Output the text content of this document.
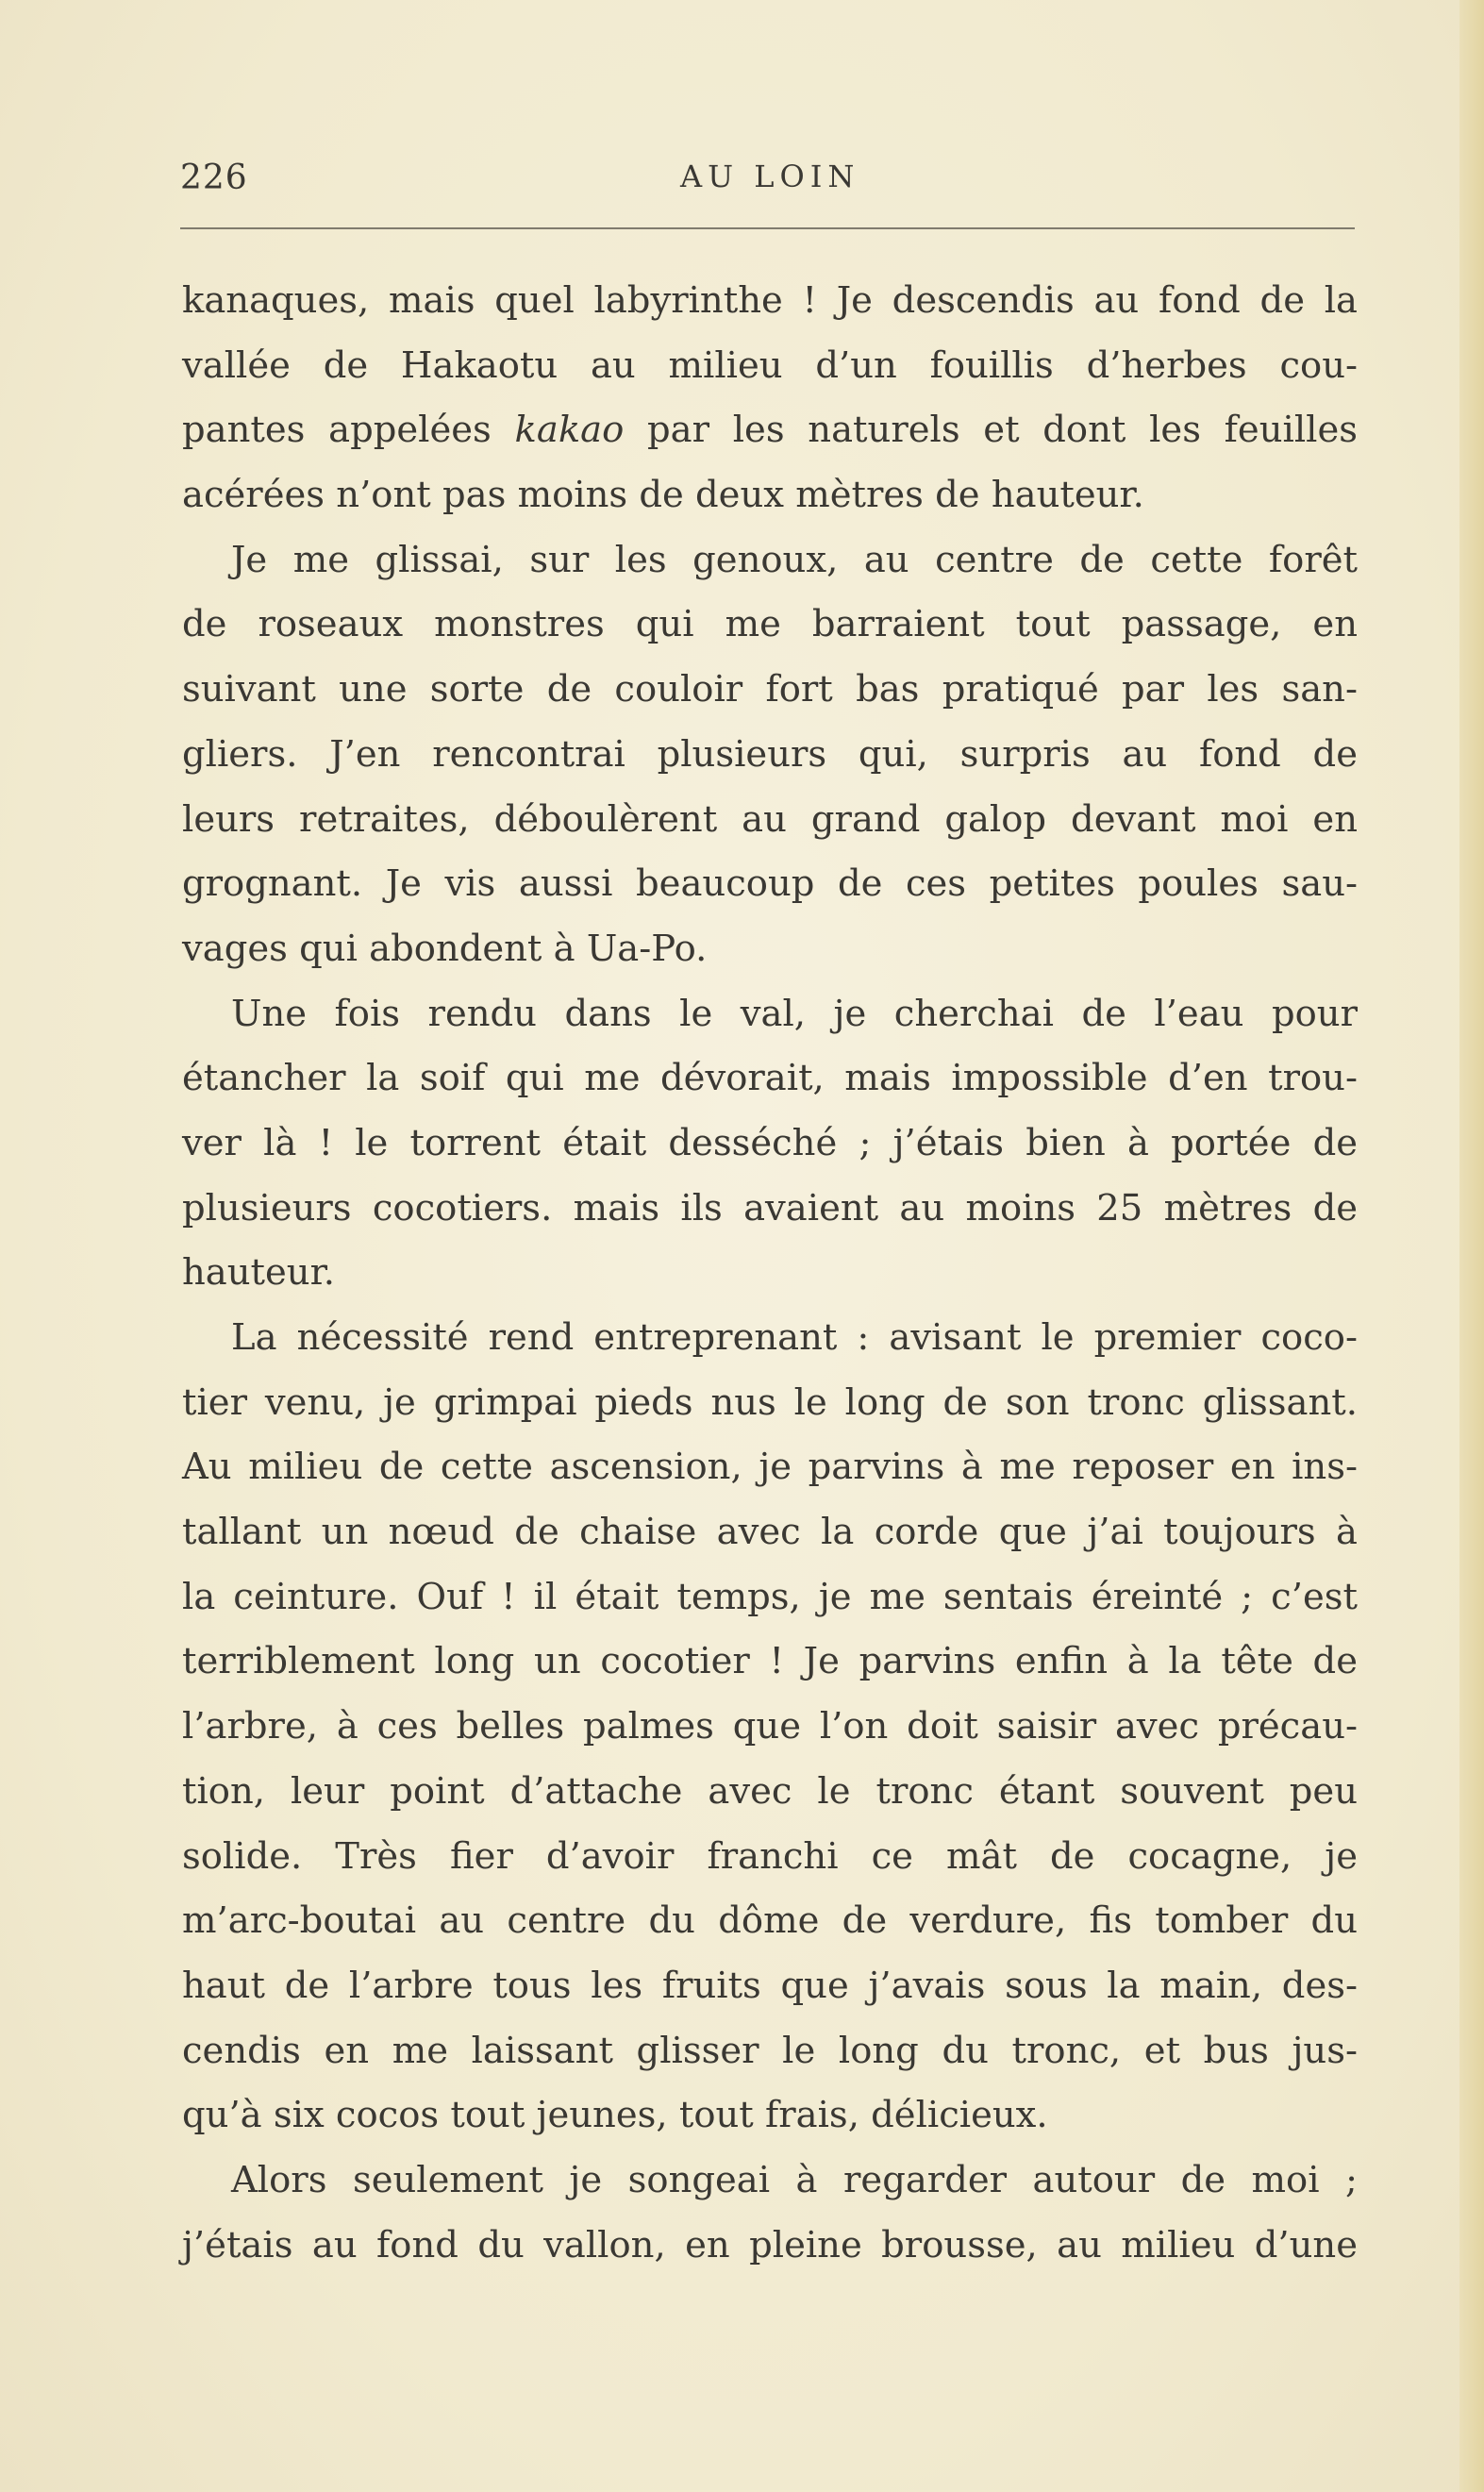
226	AU LOIN
kanaques, mais quel labyrinthe ! Je descendis au fond de la
vallée de Hakaotu au milieu d’un fouillis d’herbes cou-
pantes appelées kakao par les naturels et dont les feuilles
acérées n’ont pas moins de deux mètres de hauteur.
Je me glissai, sur les genoux, au centre de cette forêt
de roseaux monstres qui me barraient tout passage, en
suivant une sorte de couloir fort bas pratiqué par les san-
gliers. J’en rencontrai plusieurs qui, surpris au fond de
leurs retraites, déboulèrent au grand galop devant moi en
grognant. Je vis aussi beaucoup de ces petites poules sau-
vages qui abondent à Ua-Po.
Une fois rendu dans le val, je cherchai de l’eau pour
étancher la soif qui me dévorait, mais impossible d’en trou-
ver là ! le torrent était desséché ; j’étais bien à portée de
plusieurs cocotiers. mais ils avaient au moins 25 mètres de
hauteur.
La nécessité rend entreprenant : avisant le premier coco-
tier venu, je grimpai pieds nus le long de son tronc glissant.
Au milieu de cette ascension, je parvins à me reposer en ins-
tallant un nœud de chaise avec la corde que j’ai toujours à
la ceinture. Ouf ! il était temps, je me sentais éreinté ; c’est
terriblement long un cocotier ! Je parvins enfin à la tête de
l’arbre, à ces belles palmes que l’on doit saisir avec précau-
tion, leur point d’attache avec le tronc étant souvent peu
solide. Très fier d’avoir franchi ce mât de cocagne, je
m’arc-boutai au centre du dôme de verdure, fis tomber du
haut de l’arbre tous les fruits que j’avais sous la main, des-
cendis en me laissant glisser le long du tronc, et bus jus-
qu’à six cocos tout jeunes, tout frais, délicieux.
Alors seulement je songeai à regarder autour de moi ;
j’étais au fond du vallon, en pleine brousse, au milieu d’une
